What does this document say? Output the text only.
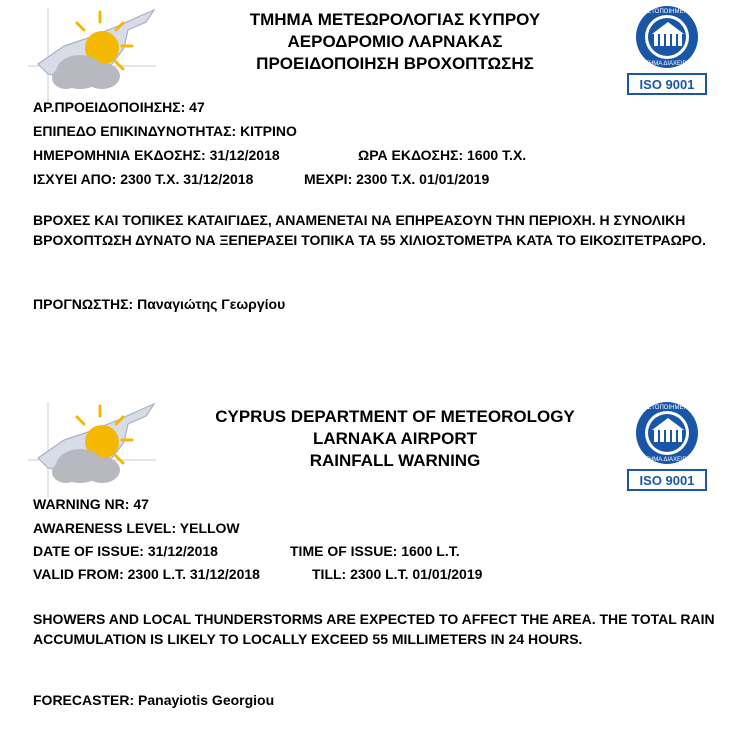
ΤΜΗΜΑ ΜΕΤΕΩΡΟΛΟΓΙΑΣ ΚΥΠΡΟΥ
ΑΕΡΟΔΡΟΜΙΟ ΛΑΡΝΑΚΑΣ
ΠΡΟΕΙΔΟΠΟΙΗΣΗ ΒΡΟΧΟΠΤΩΣΗΣ
ΠΙΣΤΟΠΟΙΗΜΕΝΟ
ΣΥΣΤΗΜΑ ΔΙΑΧΕΙΡΙΣΗΣ
ISO 9001
ΑΡ.ΠΡΟΕΙΔΟΠΟΙΗΣΗΣ: 47
ΕΠΙΠΕΔΟ ΕΠΙΚΙΝΔΥΝΟΤΗΤΑΣ: ΚΙΤΡΙΝΟ
ΗΜΕΡΟΜΗΝΙΑ ΕΚΔΟΣΗΣ: 31/12/2018	ΩΡΑ ΕΚΔΟΣΗΣ: 1600 Τ.Χ.
ΙΣΧΥΕΙ ΑΠΟ: 2300 Τ.Χ. 31/12/2018	ΜΕΧΡΙ: 2300 Τ.Χ. 01/01/2019
ΒΡΟΧΕΣ ΚΑΙ ΤΟΠΙΚΕΣ ΚΑΤΑΙΓΙΔΕΣ, ΑΝΑΜΕΝΕΤΑΙ ΝΑ ΕΠΗΡΕΑΣΟΥΝ ΤΗΝ ΠΕΡΙΟΧΗ. Η ΣΥΝΟΛΙΚΗ ΒΡΟΧΟΠΤΩΣΗ ΔΥΝΑΤΟ ΝΑ ΞΕΠΕΡΑΣΕΙ ΤΟΠΙΚΑ ΤΑ 55 ΧΙΛΙΟΣΤΟΜΕΤΡΑ ΚΑΤΑ ΤΟ ΕΙΚΟΣΙΤΕΤΡΑΩΡΟ.
ΠΡΟΓΝΩΣΤΗΣ: Παναγιώτης Γεωργίου
CYPRUS DEPARTMENT OF METEOROLOGY
LARNAKA AIRPORT
RAINFALL WARNING
ΠΙΣΤΟΠΟΙΗΜΕΝΟ
ΣΥΣΤΗΜΑ ΔΙΑΧΕΙΡΙΣΗΣ
ISO 9001
WARNING NR: 47
AWARENESS LEVEL: YELLOW
DATE OF ISSUE: 31/12/2018	TIME OF ISSUE: 1600 L.T.
VALID FROM: 2300 L.T. 31/12/2018	TILL: 2300 L.T. 01/01/2019
SHOWERS AND LOCAL THUNDERSTORMS ARE EXPECTED TO AFFECT THE AREA. THE TOTAL RAIN ACCUMULATION IS LIKELY TO LOCALLY EXCEED 55 MILLIMETERS IN 24 HOURS.
FORECASTER: Panayiotis Georgiou
